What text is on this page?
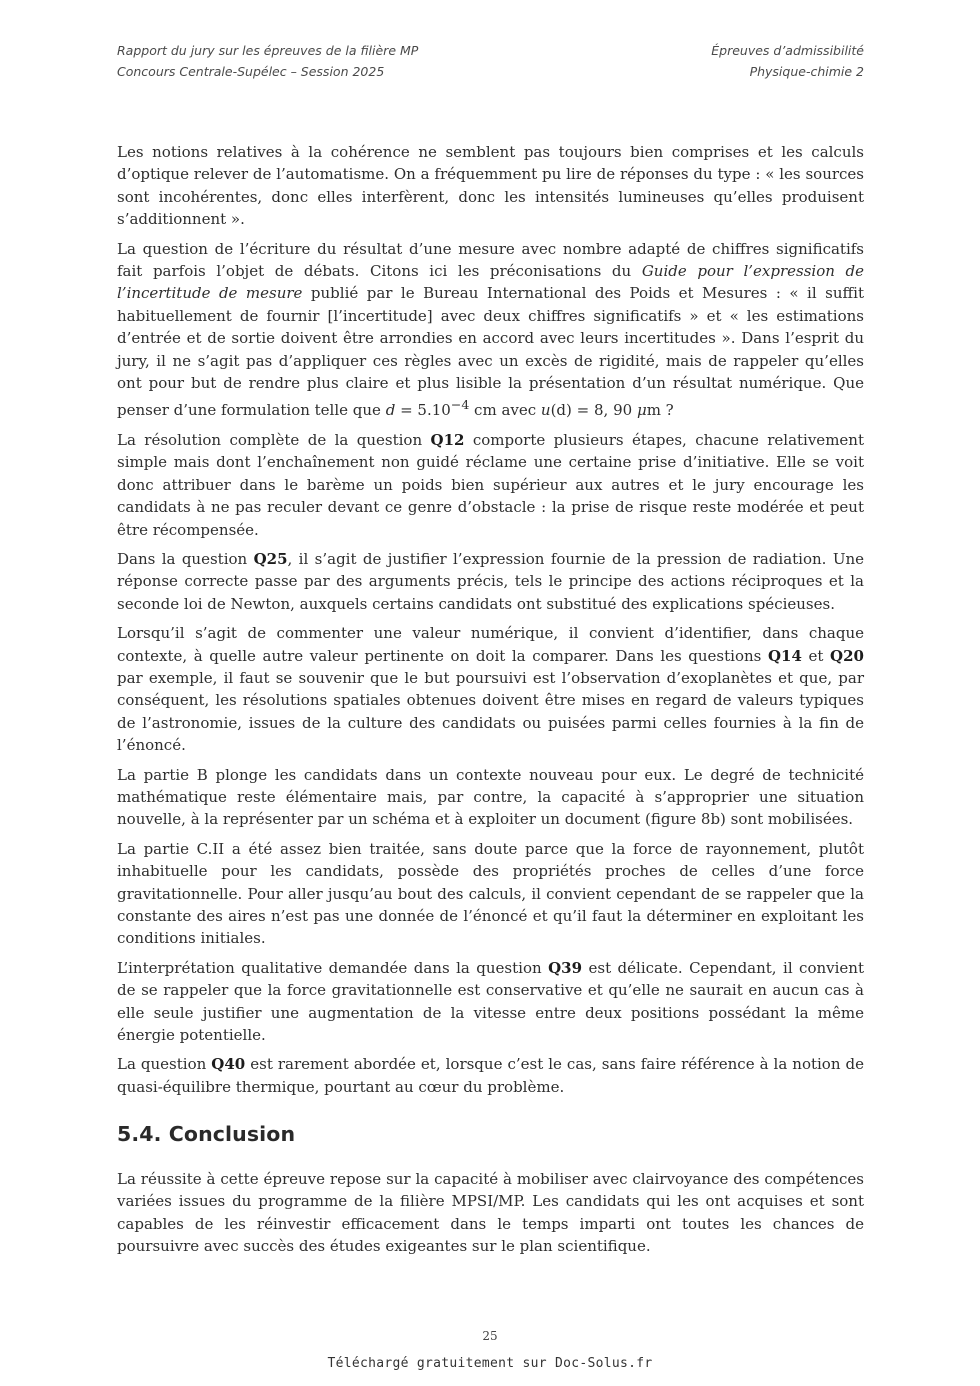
Rapport du jury sur les épreuves de la filière MP
Concours Centrale-Supélec – Session 2025
Épreuves d’admissibilité
Physique-chimie 2

Les notions relatives à la cohérence ne semblent pas toujours bien comprises et les calculs d’optique relever de l’automatisme. On a fréquemment pu lire de réponses du type : « les sources sont incohérentes, donc elles interfèrent, donc les intensités lumineuses qu’elles produisent s’additionnent ».

La question de l’écriture du résultat d’une mesure avec nombre adapté de chiffres significatifs fait parfois l’objet de débats. Citons ici les préconisations du Guide pour l’expression de l’incertitude de mesure publié par le Bureau International des Poids et Mesures : « il suffit habituellement de fournir [l’incertitude] avec deux chiffres significatifs » et « les estimations d’entrée et de sortie doivent être arrondies en accord avec leurs incertitudes ». Dans l’esprit du jury, il ne s’agit pas d’appliquer ces règles avec un excès de rigidité, mais de rappeler qu’elles ont pour but de rendre plus claire et plus lisible la présentation d’un résultat numérique. Que penser d’une formulation telle que $d = 5.10^{-4}$ cm avec u(d) = 8, 90 μm ?

La résolution complète de la question Q12 comporte plusieurs étapes, chacune relativement simple mais dont l’enchaînement non guidé réclame une certaine prise d’initiative. Elle se voit donc attribuer dans le barème un poids bien supérieur aux autres et le jury encourage les candidats à ne pas reculer devant ce genre d’obstacle : la prise de risque reste modérée et peut être récompensée.

Dans la question Q25, il s’agit de justifier l’expression fournie de la pression de radiation. Une réponse correcte passe par des arguments précis, tels le principe des actions réciproques et la seconde loi de Newton, auxquels certains candidats ont substitué des explications spécieuses.

Lorsqu’il s’agit de commenter une valeur numérique, il convient d’identifier, dans chaque contexte, à quelle autre valeur pertinente on doit la comparer. Dans les questions Q14 et Q20 par exemple, il faut se souvenir que le but poursuivi est l’observation d’exoplanètes et que, par conséquent, les résolutions spatiales obtenues doivent être mises en regard de valeurs typiques de l’astronomie, issues de la culture des candidats ou puisées parmi celles fournies à la fin de l’énoncé.

La partie B plonge les candidats dans un contexte nouveau pour eux. Le degré de technicité mathématique reste élémentaire mais, par contre, la capacité à s’approprier une situation nouvelle, à la représenter par un schéma et à exploiter un document (figure 8b) sont mobilisées.

La partie C.II a été assez bien traitée, sans doute parce que la force de rayonnement, plutôt inhabituelle pour les candidats, possède des propriétés proches de celles d’une force gravitationnelle. Pour aller jusqu’au bout des calculs, il convient cependant de se rappeler que la constante des aires n’est pas une donnée de l’énoncé et qu’il faut la déterminer en exploitant les conditions initiales.

L’interprétation qualitative demandée dans la question Q39 est délicate. Cependant, il convient de se rappeler que la force gravitationnelle est conservative et qu’elle ne saurait en aucun cas à elle seule justifier une augmentation de la vitesse entre deux positions possédant la même énergie potentielle.

La question Q40 est rarement abordée et, lorsque c’est le cas, sans faire référence à la notion de quasi-équilibre thermique, pourtant au cœur du problème.

5.4. Conclusion

La réussite à cette épreuve repose sur la capacité à mobiliser avec clairvoyance des compétences variées issues du programme de la filière MPSI/MP. Les candidats qui les ont acquises et sont capables de les réinvestir efficacement dans le temps imparti ont toutes les chances de poursuivre avec succès des études exigeantes sur le plan scientifique.

25
Téléchargé gratuitement sur Doc-Solus.fr
